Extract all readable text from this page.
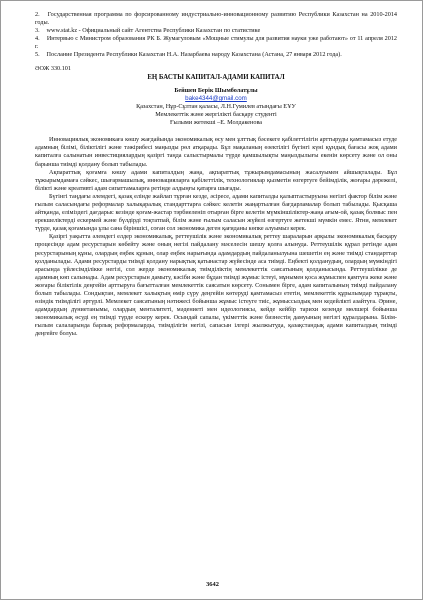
2. Государственная программа по форсированному индустриально-инновационному развитию Республики Казахстан на 2010-2014 годы.
3. www.stat.kz - Официальный сайт Агентства Республики Казахстан по статистике
4. Интервью с Министром образования РК Б. Жумагуловым «Мощные стимулы для развития науки уже работают» от 11 апреля 2012 г.
5. Послание Президента Республики Казахстан Н.А. Назарбаева народу Казахстана (Астана, 27 января 2012 года).
ӘОЖ 330.101
ЕҢ БАСТЫ КАПИТАЛ-АДАМИ КАПИТАЛ
Бейшен Берік Шымболатұлы
bake4344@gmail.com
Қазахстан, Нұр-Сұлтан қаласы, Л.Н.Гумилев атындағы ЕҰУ
Мемлекеттік және жергілікті басқару студенті
Ғылыми жетекші –Е. Молдакенова
Инновациялық экономикаға көшу жағдайында экономикалық өсу мен ұлттық бәсекеге қабілеттілігін арттыруды қамтамасыз етуде адамның білімі, біліктілігі және тәжірибесі маңызды рөл атқарады. Бұл мақаланың өзектілігі бүгінгі күні құндық бағасы жоқ адами капиталға салынатын инвестициялардың қазіргі таңда салыстырмалы түрде қамшылықты маңыздылығы екенін көрсету және ол оны барынша тиімді қолдану болып табылады.
Ақпараттық қоғамға көшу адами капиталдың жаңа, ақпараттық тұжырымдамасының жасалуымен айшықталады. Бұл тұжырымдамаға сәйкес, шығармашылық, инновацияларға қабілеттілік, технологиялар қызметін өзгертуге бейімділік, жоғары дәрежелі, білікті және креативті адам сипаттамаларға ретінде алдыңғы қатарға шығады.
Бүгінгі таңдағы әлемдегі, қазақ елінде жайлап тұрған кезде, әсіресе, адами капиталды қалыптастыруына негізгі фактор білім және ғылым саласындағы реформалар халықаралық стандарттарға сәйкес келетін жаңартылған бағдарламалар болып табылады. Қысқаша айтқанда, еліміздегі дағдарыс кезінде қоғам-жастар тәрбиеленіп отырған бірге келетін мүмкіншіліктер-жаңа ағым-ой, қазақ болмыс пен ерекшеліктерді ескермей және бүлдірді тоқтатпай, білім және ғылым саласын жүйелі өзгертуге жетекші мүмкін емес. Ятни, мемлекет түрде, қазақ қоғамында ұлы сана біріншісі, соған сол экономика деген қағиданы көпке алуымыз керек.
Қазіргі уақытта әлемдегі елдер экономикалық, реттеушілік және экономикалық реттеу шараларын арқылы экономикалық басқару процесінде адам ресурстарын көбейту және оның негізі пайдалану мәселесін шешу қолға алынуда. Реттеушілік құрал ретінде адам ресурстарының құны, олардың еңбек құнын, олар еңбек нарығында адамдардың пайдаланылуына шешетін ең және тиімді стандарттар қолданылады. Адами ресурстарды тиімді қолдану нарықтық қатынастар жүйесінде аса тиімді. Еңбекті қолданудың, олардың мүмкіндігі арасында үйлесімділікке негізі, сол жерде экономикалық тиімділіктің мемлекеттік саясатының қолданысында. Реттеушілікке де адамның көп салынады. Адам ресурстарын дамыту, кәсіби және бұдан тиімді жұмыс істеуі, мұнымен қоса жұмыспен қамтуға жеке және жоғары біліктілік деңгейін арттыруға бағытталған мемлекеттік саясатын көрсету. Сонымен бірге, адам капиталының тиімді пайдалану болып табылады. Сондықтан, мемлекет халықтың өмір сүру деңгейін көтеруді қамтамасыз ететін, мемлекеттік құрылымдар тұрақты, өзіндік тиімділігі әртүрлі. Мемлекет саясатының нәтижесі бойынша жұмыс істеуге тиіс, жұмыссыздық мен кедейлікті азайтуға. Әрине, адамдардың дүниетанымы, олардың менталитеті, мәдениеті мен идеологиясы, кейде кейбір тарихи кезеңде мөлшері бойынша экономикалық өсуді ең тиімді түрде ескеру керек. Осындай сапалы, үкіметтік және бизнестің дамуының негізгі құралдарына. Білім-ғылым салаларында барлық реформаларды, тиімділігін негізі, сапасын ілгері жылжытуда, қазақстандық адами капиталдың тиімді деңгейге болуы.
3642
